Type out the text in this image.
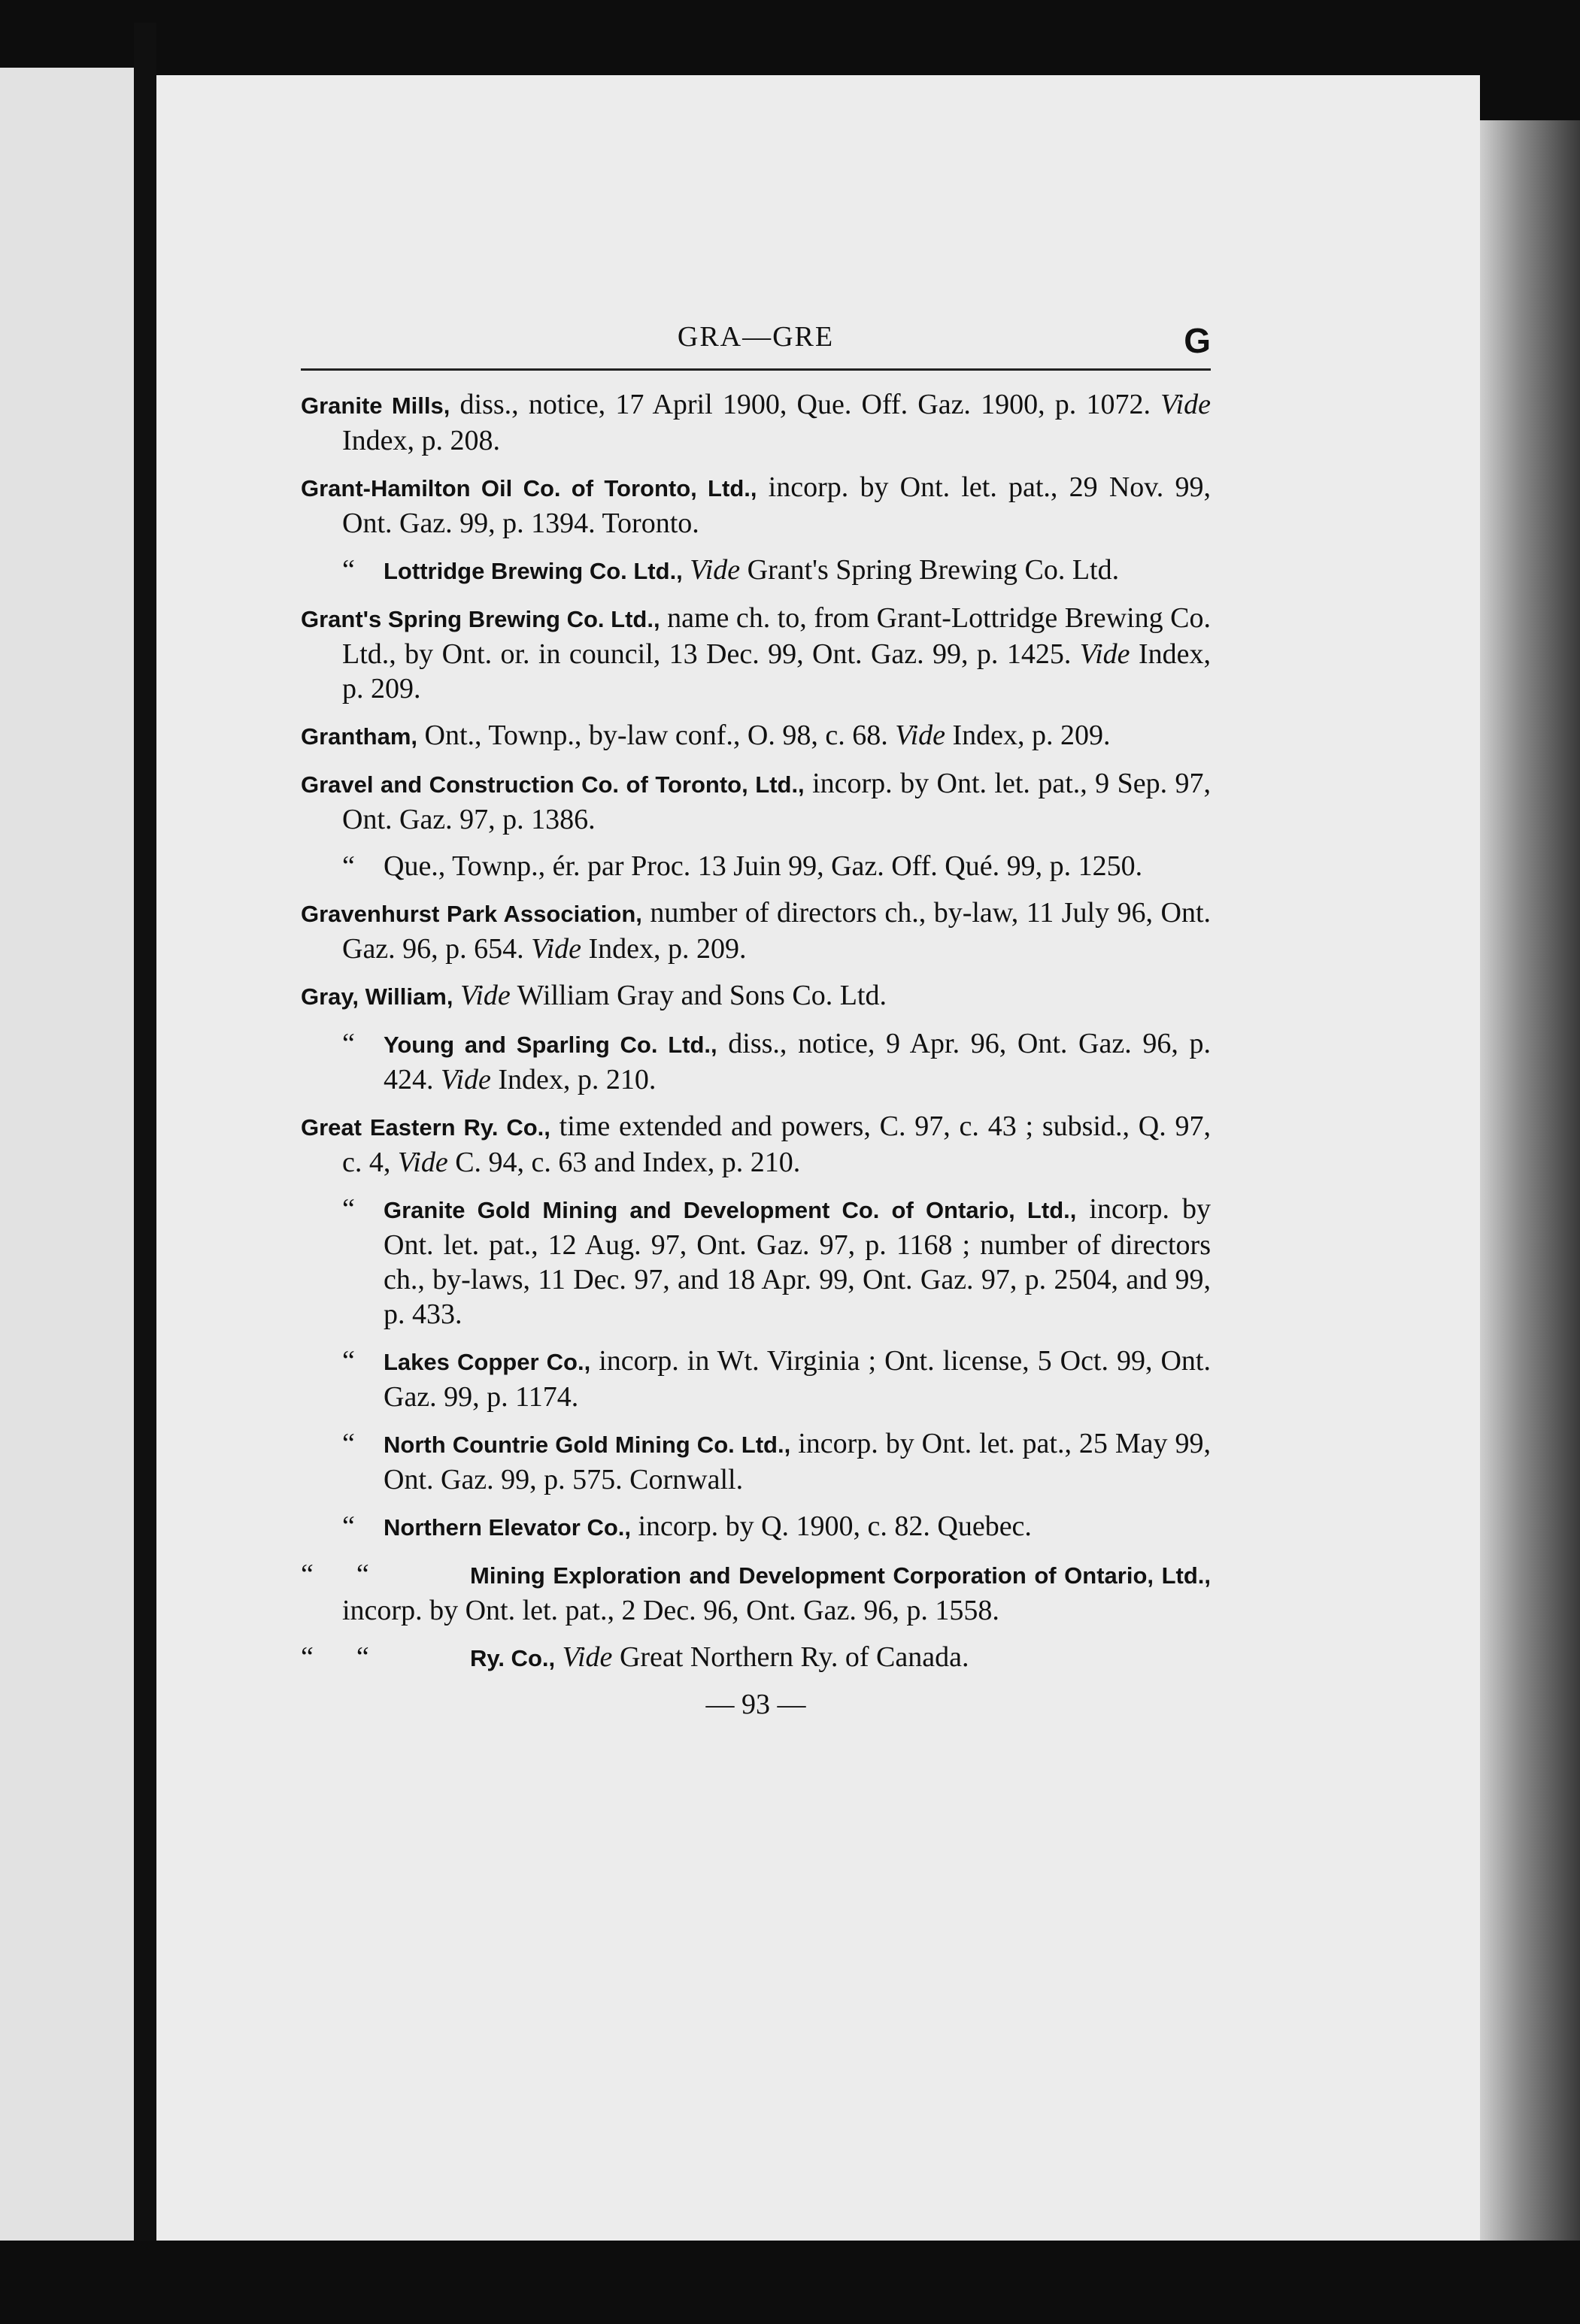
GRA—GRE	G

Granite Mills, diss., notice, 17 April 1900, Que. Off. Gaz. 1900, p. 1072. Vide Index, p. 208.

Grant-Hamilton Oil Co. of Toronto, Ltd., incorp. by Ont. let. pat., 29 Nov. 99, Ont. Gaz. 99, p. 1394. Toronto.

“ Lottridge Brewing Co. Ltd., Vide Grant's Spring Brewing Co. Ltd.

Grant's Spring Brewing Co. Ltd., name ch. to, from Grant-Lottridge Brewing Co. Ltd., by Ont. or. in council, 13 Dec. 99, Ont. Gaz. 99, p. 1425. Vide Index, p. 209.

Grantham, Ont., Townp., by-law conf., O. 98, c. 68. Vide Index, p. 209.

Gravel and Construction Co. of Toronto, Ltd., incorp. by Ont. let. pat., 9 Sep. 97, Ont. Gaz. 97, p. 1386.

“ Que., Townp., ér. par Proc. 13 Juin 99, Gaz. Off. Qué. 99, p. 1250.

Gravenhurst Park Association, number of directors ch., by-law, 11 July 96, Ont. Gaz. 96, p. 654. Vide Index, p. 209.

Gray, William, Vide William Gray and Sons Co. Ltd.

“ Young and Sparling Co. Ltd., diss., notice, 9 Apr. 96, Ont. Gaz. 96, p. 424. Vide Index, p. 210.

Great Eastern Ry. Co., time extended and powers, C. 97, c. 43 ; subsid., Q. 97, c. 4, Vide C. 94, c. 63 and Index, p. 210.

“ Granite Gold Mining and Development Co. of Ontario, Ltd., incorp. by Ont. let. pat., 12 Aug. 97, Ont. Gaz. 97, p. 1168 ; number of directors ch., by-laws, 11 Dec. 97, and 18 Apr. 99, Ont. Gaz. 97, p. 2504, and 99, p. 433.

“ Lakes Copper Co., incorp. in Wt. Virginia ; Ont. license, 5 Oct. 99, Ont. Gaz. 99, p. 1174.

“ North Countrie Gold Mining Co. Ltd., incorp. by Ont. let. pat., 25 May 99, Ont. Gaz. 99, p. 575. Cornwall.

“ Northern Elevator Co., incorp. by Q. 1900, c. 82. Quebec.

“      “	Mining Exploration and Development Corporation of Ontario, Ltd., incorp. by Ont. let. pat., 2 Dec. 96, Ont. Gaz. 96, p. 1558.

“      “	Ry. Co., Vide Great Northern Ry. of Canada.

— 93 —
